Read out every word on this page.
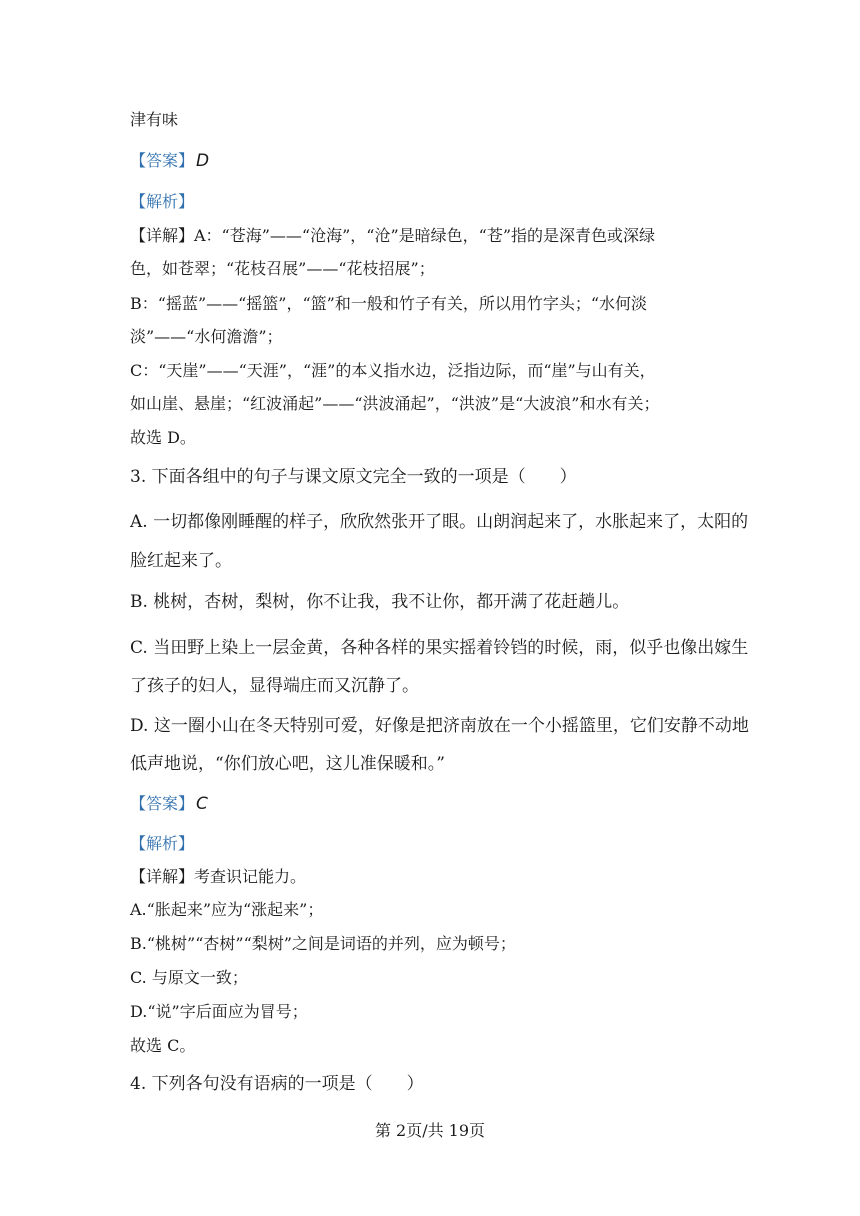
津有味
【答案】 D
【解析】
【详解】A：“苍海”——“沧海”，“沧”是暗绿色，“苍”指的是深青色或深绿
色，如苍翠；“花枝召展”——“花枝招展”；
B：“摇蓝”——“摇篮”，“篮”和一般和竹子有关，所以用竹字头；“水何淡
淡”——“水何澹澹”；
C：“天崖”——“天涯”，“涯”的本义指水边，泛指边际，而“崖”与山有关，
如山崖、悬崖；“红波涌起”——“洪波涌起”，“洪波”是“大波浪”和水有关；
故选 D。
3. 下面各组中的句子与课文原文完全一致的一项是（　　）
A. 一切都像刚睡醒的样子，欣欣然张开了眼。山朗润起来了，水胀起来了，太阳的
脸红起来了。
B. 桃树，杏树，梨树，你不让我，我不让你，都开满了花赶趟儿。
C. 当田野上染上一层金黄，各种各样的果实摇着铃铛的时候，雨，似乎也像出嫁生
了孩子的妇人，显得端庄而又沉静了。
D. 这一圈小山在冬天特别可爱，好像是把济南放在一个小摇篮里，它们安静不动地
低声地说，“你们放心吧，这儿准保暖和。”
【答案】 C
【解析】
【详解】考查识记能力。
A.“胀起来”应为“涨起来”；
B.“桃树”“杏树”“梨树”之间是词语的并列，应为顿号；
C. 与原文一致；
D.“说”字后面应为冒号；
故选 C。
4. 下列各句没有语病的一项是（　　）
第 2页/共 19页
